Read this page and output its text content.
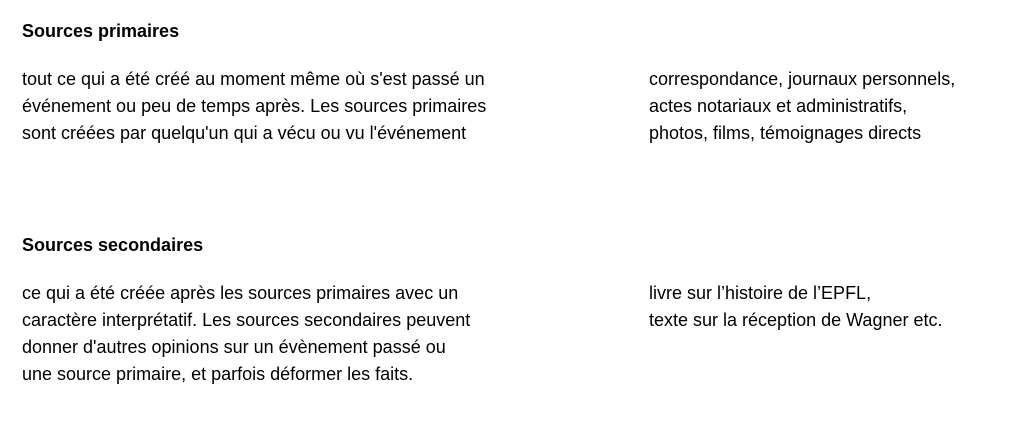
Sources primaires

tout ce qui a été créé au moment même où s'est passé un
événement ou peu de temps après. Les sources primaires
sont créées par quelqu'un qui a vécu ou vu l'événement

correspondance, journaux personnels,
actes notariaux et administratifs,
photos, films, témoignages directs

Sources secondaires

ce qui a été créée après les sources primaires avec un
caractère interprétatif. Les sources secondaires peuvent
donner d'autres opinions sur un évènement passé ou
une source primaire, et parfois déformer les faits.

livre sur l’histoire de l’EPFL,
texte sur la réception de Wagner etc.
